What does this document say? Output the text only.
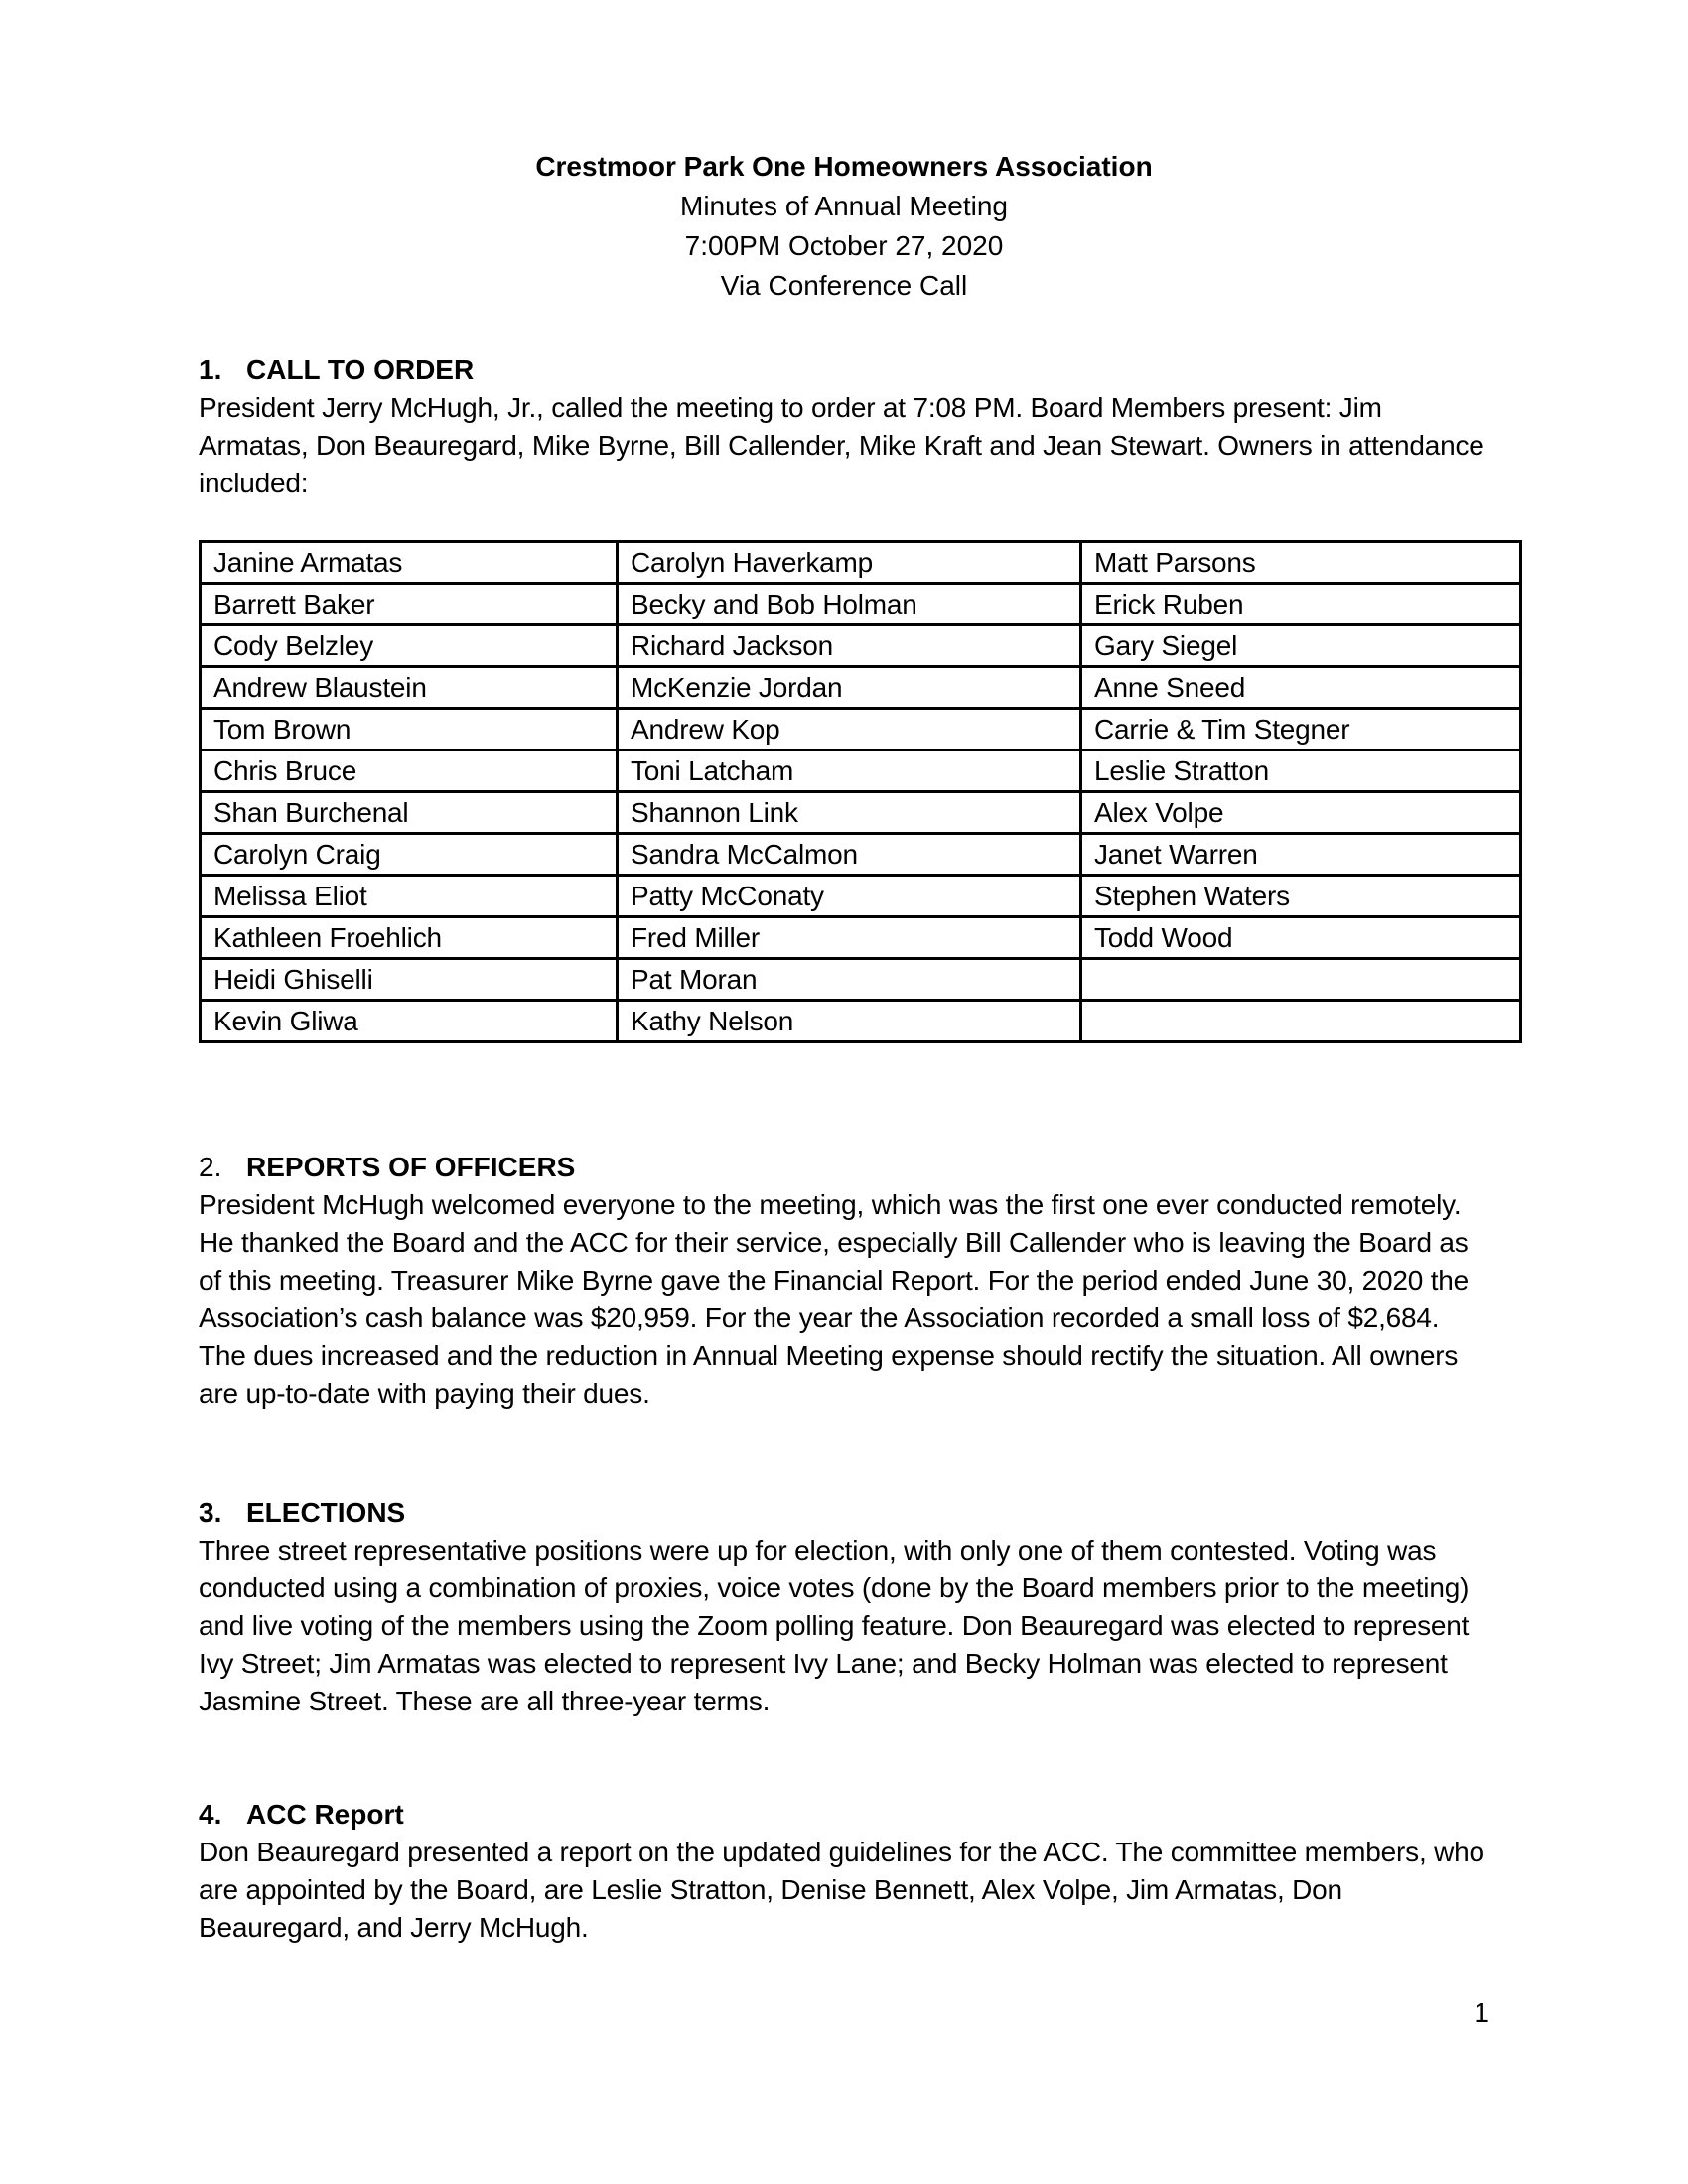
Crestmoor Park One Homeowners Association
Minutes of Annual Meeting
7:00PM October 27, 2020
Via Conference Call
1. CALL TO ORDER

President Jerry McHugh, Jr., called the meeting to order at 7:08 PM. Board Members present: Jim Armatas, Don Beauregard, Mike Byrne, Bill Callender, Mike Kraft and Jean Stewart. Owners in attendance included:

Janine Armatas	Carolyn Haverkamp	Matt Parsons
Barrett Baker	Becky and Bob Holman	Erick Ruben
Cody Belzley	Richard Jackson	Gary Siegel
Andrew Blaustein	McKenzie Jordan	Anne Sneed
Tom Brown	Andrew Kop	Carrie & Tim Stegner
Chris Bruce	Toni Latcham	Leslie Stratton
Shan Burchenal	Shannon Link	Alex Volpe
Carolyn Craig	Sandra McCalmon	Janet Warren
Melissa Eliot	Patty McConaty	Stephen Waters
Kathleen Froehlich	Fred Miller	Todd Wood
Heidi Ghiselli	Pat Moran	
Kevin Gliwa	Kathy Nelson	
2. REPORTS OF OFFICERS

President McHugh welcomed everyone to the meeting, which was the first one ever conducted remotely. He thanked the Board and the ACC for their service, especially Bill Callender who is leaving the Board as of this meeting. Treasurer Mike Byrne gave the Financial Report. For the period ended June 30, 2020 the Association’s cash balance was $20,959. For the year the Association recorded a small loss of $2,684. The dues increased and the reduction in Annual Meeting expense should rectify the situation. All owners are up-to-date with paying their dues.

3. ELECTIONS

Three street representative positions were up for election, with only one of them contested. Voting was conducted using a combination of proxies, voice votes (done by the Board members prior to the meeting) and live voting of the members using the Zoom polling feature. Don Beauregard was elected to represent Ivy Street; Jim Armatas was elected to represent Ivy Lane; and Becky Holman was elected to represent Jasmine Street. These are all three-year terms.

4. ACC Report

Don Beauregard presented a report on the updated guidelines for the ACC. The committee members, who are appointed by the Board, are Leslie Stratton, Denise Bennett, Alex Volpe, Jim Armatas, Don Beauregard, and Jerry McHugh.

1
